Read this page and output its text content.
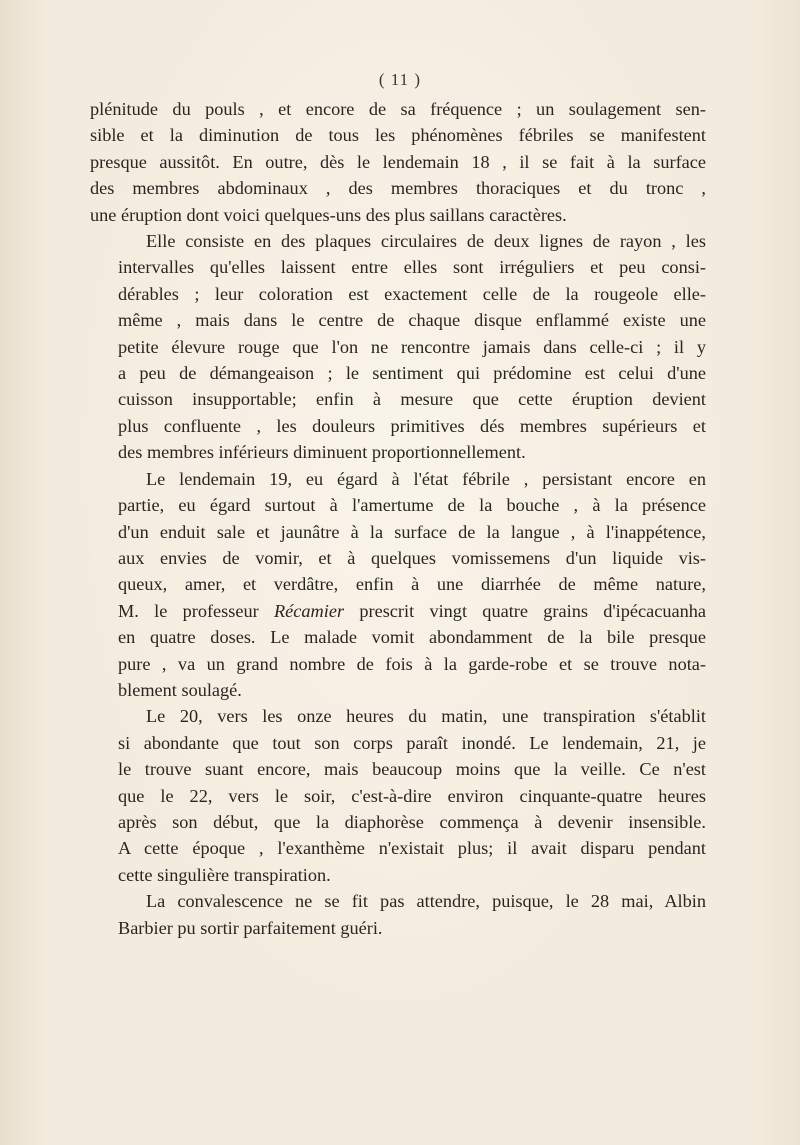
( 11 )
plénitude du pouls , et encore de sa fréquence ; un soulagement sen-
sible et la diminution de tous les phénomènes fébriles se manifestent
presque aussitôt. En outre, dès le lendemain 18 , il se fait à la surface
des membres abdominaux , des membres thoraciques et du tronc ,
une éruption dont voici quelques-uns des plus saillans caractères.
Elle consiste en des plaques circulaires de deux lignes de rayon , les
intervalles qu'elles laissent entre elles sont irréguliers et peu consi-
dérables ; leur coloration est exactement celle de la rougeole elle-
même , mais dans le centre de chaque disque enflammé existe une
petite élevure rouge que l'on ne rencontre jamais dans celle-ci ; il y
a peu de démangeaison ; le sentiment qui prédomine est celui d'une
cuisson insupportable; enfin à mesure que cette éruption devient
plus confluente , les douleurs primitives dés membres supérieurs et
des membres inférieurs diminuent proportionnellement.
Le lendemain 19, eu égard à l'état fébrile , persistant encore en
partie, eu égard surtout à l'amertume de la bouche , à la présence
d'un enduit sale et jaunâtre à la surface de la langue , à l'inappétence,
aux envies de vomir, et à quelques vomissemens d'un liquide vis-
queux, amer, et verdâtre, enfin à une diarrhée de même nature,
M. le professeur Récamier prescrit vingt quatre grains d'ipécacuanha
en quatre doses. Le malade vomit abondamment de la bile presque
pure , va un grand nombre de fois à la garde-robe et se trouve nota-
blement soulagé.
Le 20, vers les onze heures du matin, une transpiration s'établit
si abondante que tout son corps paraît inondé. Le lendemain, 21, je
le trouve suant encore, mais beaucoup moins que la veille. Ce n'est
que le 22, vers le soir, c'est-à-dire environ cinquante-quatre heures
après son début, que la diaphorèse commença à devenir insensible.
A cette époque , l'exanthème n'existait plus; il avait disparu pendant
cette singulière transpiration.
La convalescence ne se fit pas attendre, puisque, le 28 mai, Albin
Barbier pu sortir parfaitement guéri.
